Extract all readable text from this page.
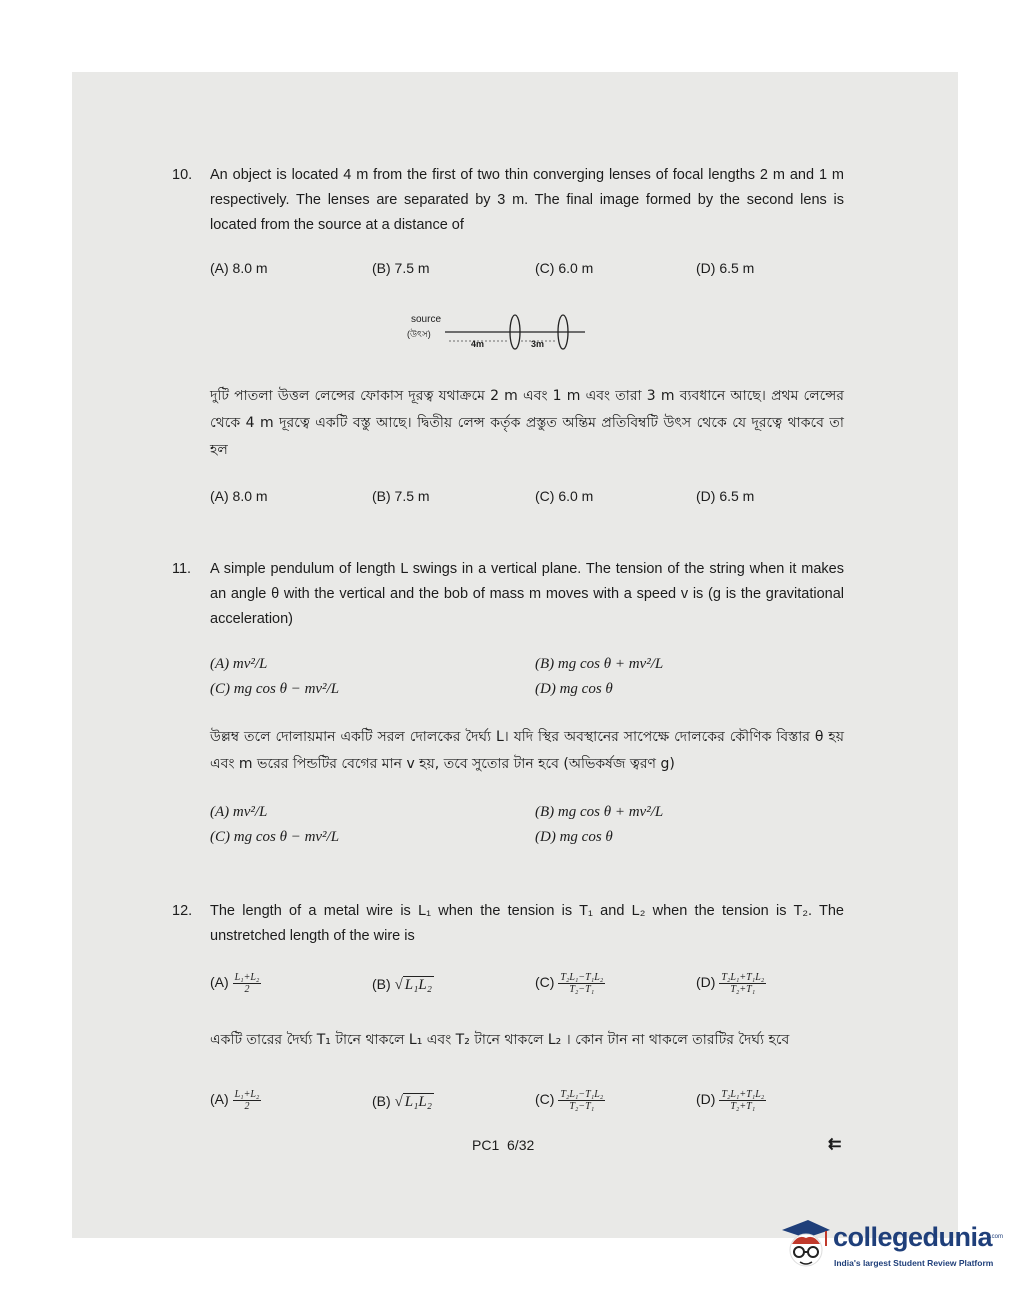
10. An object is located 4 m from the first of two thin converging lenses of focal lengths 2 m and 1 m respectively. The lenses are separated by 3 m. The final image formed by the second lens is located from the source at a distance of
(A) 8.0 m	(B) 7.5 m	(C) 6.0 m	(D) 6.5 m
source
(উৎস)
4m	3m
দুটি পাতলা উত্তল লেন্সের ফোকাস দূরত্ব যথাক্রমে 2 m এবং 1 m এবং তারা 3 m ব্যবধানে আছে। প্রথম লেন্সের থেকে 4 m দূরত্বে একটি বস্তু আছে। দ্বিতীয় লেন্স কর্তৃক প্রস্তুত অন্তিম প্রতিবিম্বটি উৎস থেকে যে দূরত্বে থাকবে তা হল
(A) 8.0 m	(B) 7.5 m	(C) 6.0 m	(D) 6.5 m
11. A simple pendulum of length L swings in a vertical plane. The tension of the string when it makes an angle θ with the vertical and the bob of mass m moves with a speed v is (g is the gravitational acceleration)
(A) mv²/L	(B) mg cos θ + mv²/L
(C) mg cos θ − mv²/L	(D) mg cos θ
উল্লম্ব তলে দোলায়মান একটি সরল দোলকের দৈর্ঘ্য L। যদি স্থির অবস্থানের সাপেক্ষে দোলকের কৌণিক বিস্তার θ হয় এবং m ভরের পিন্ডটির বেগের মান v হয়, তবে সুতোর টান হবে (অভিকর্ষজ ত্বরণ g)
(A) mv²/L	(B) mg cos θ + mv²/L
(C) mg cos θ − mv²/L	(D) mg cos θ
12. The length of a metal wire is L₁ when the tension is T₁ and L₂ when the tension is T₂. The unstretched length of the wire is
$(A) \frac{\text{L₁+L₂}}{2}$	(B) √ L₁L₂	$(C) \frac{\text{T₂L₁−T₁L₂}}{\text{T₂−T₁}}$	$(D) \frac{\text{T₂L₁+T₁L₂}}{\text{T₂+T₁}}$
একটি তারের দৈর্ঘ্য T₁ টানে থাকলে L₁ এবং T₂ টানে থাকলে L₂ । কোন টান না থাকলে তারটির দৈর্ঘ্য হবে
$(A) \frac{\text{L₁+L₂}}{2}$	(B) √ L₁L₂	$(C) \frac{\text{T₂L₁−T₁L₂}}{\text{T₂−T₁}}$	$(D) \frac{\text{T₂L₁+T₁L₂}}{\text{T₂+T₁}}$
PC1  6/32	⇇
collegedunia
.com
India's largest Student Review Platform
